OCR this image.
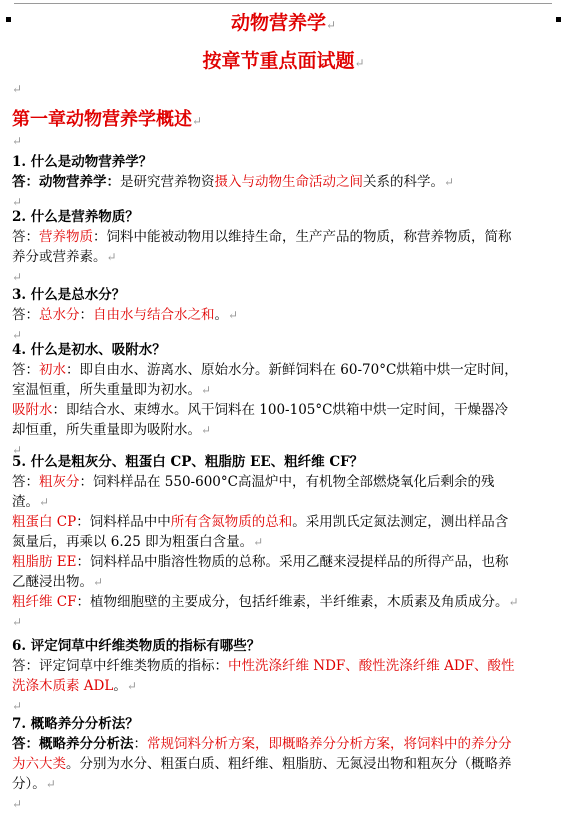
动物营养学↵
按章节重点面试题↵
↵
第一章动物营养学概述↵
↵
1. 什么是动物营养学？
答：动物营养学：是研究营养物资摄入与动物生命活动之间关系的科学。↵
↵
2. 什么是营养物质？
答：营养物质：饲料中能被动物用以维持生命，生产产品的物质，称营养物质，简称养分或营养素。↵
↵
3. 什么是总水分？
答：总水分：自由水与结合水之和。↵
↵
4. 什么是初水、吸附水？
答：初水：即自由水、游离水、原始水分。新鲜饲料在 60-70°C烘箱中烘一定时间，室温恒重，所失重量即为初水。↵
吸附水：即结合水、束缚水。风干饲料在 100-105°C烘箱中烘一定时间，干燥器冷却恒重，所失重量即为吸附水。↵
↵
5. 什么是粗灰分、粗蛋白 CP、粗脂肪 EE、粗纤维 CF？
答：粗灰分：饲料样品在 550-600°C高温炉中，有机物全部燃烧氧化后剩余的残渣。↵
粗蛋白 CP：饲料样品中中所有含氮物质的总和。采用凯氏定氮法测定，测出样品含氮量后，再乘以 6.25 即为粗蛋白含量。↵
粗脂肪 EE：饲料样品中脂溶性物质的总称。采用乙醚来浸提样品的所得产品，也称乙醚浸出物。↵
粗纤维 CF：植物细胞壁的主要成分，包括纤维素，半纤维素，木质素及角质成分。↵
↵
6. 评定饲草中纤维类物质的指标有哪些？
答：评定饲草中纤维类物质的指标：中性洗涤纤维 NDF、酸性洗涤纤维 ADF、酸性洗涤木质素 ADL。↵
↵
7. 概略养分分析法？
答：概略养分分析法：常规饲料分析方案，即概略养分分析方案，将饲料中的养分分为六大类。分别为水分、粗蛋白质、粗纤维、粗脂肪、无氮浸出物和粗灰分（概略养分）。↵
↵
